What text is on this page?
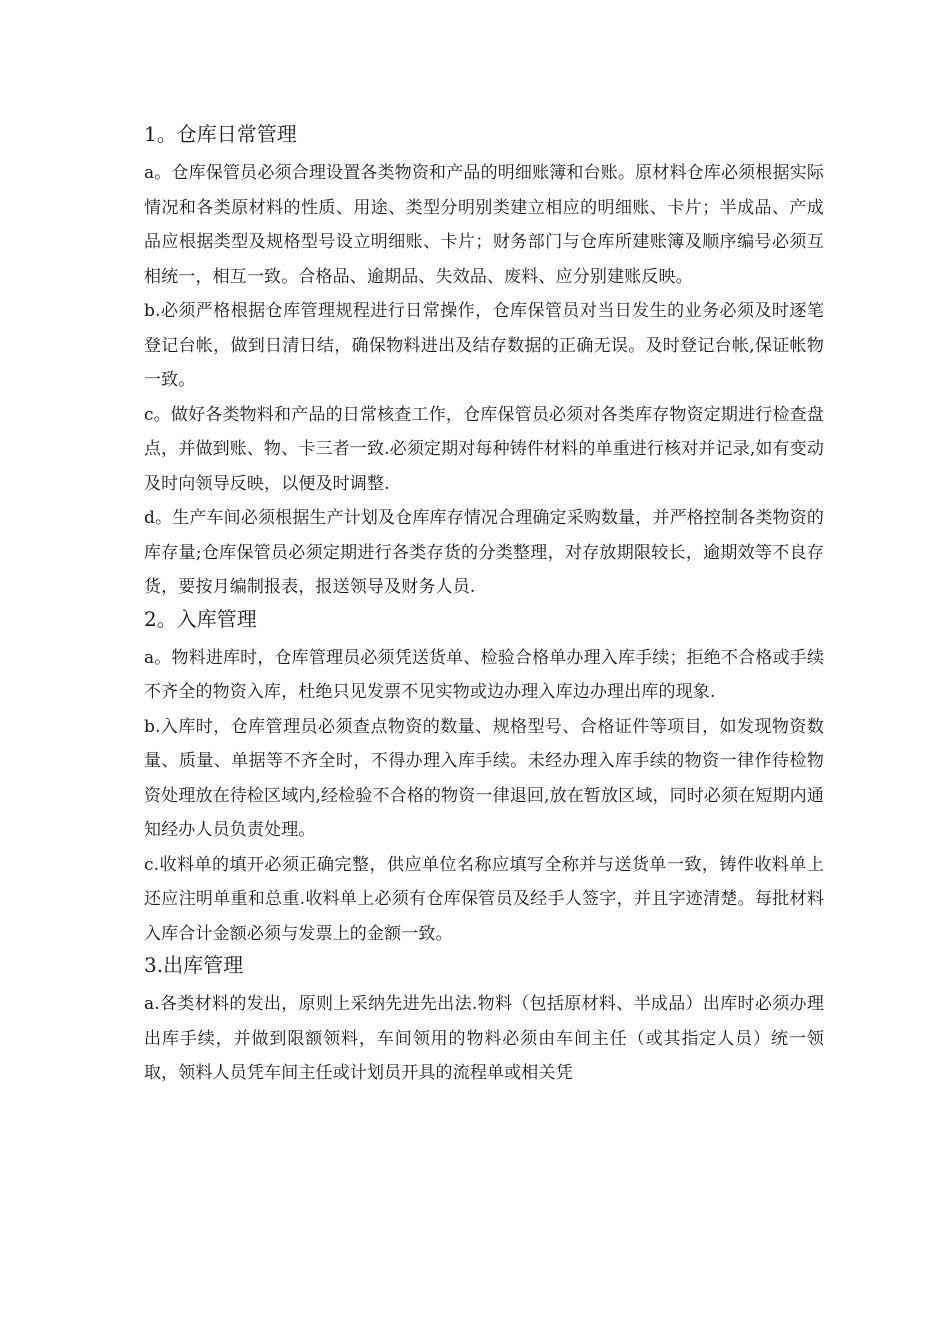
1。仓库日常管理

a。仓库保管员必须合理设置各类物资和产品的明细账簿和台账。原材料仓库必须根据实际情况和各类原材料的性质、用途、类型分明别类建立相应的明细账、卡片；半成品、产成品应根据类型及规格型号设立明细账、卡片；财务部门与仓库所建账簿及顺序编号必须互相统一，相互一致。合格品、逾期品、失效品、废料、应分别建账反映。

b.必须严格根据仓库管理规程进行日常操作，仓库保管员对当日发生的业务必须及时逐笔登记台帐，做到日清日结，确保物料进出及结存数据的正确无误。及时登记台帐,保证帐物一致。

c。做好各类物料和产品的日常核查工作，仓库保管员必须对各类库存物资定期进行检查盘点，并做到账、物、卡三者一致.必须定期对每种铸件材料的单重进行核对并记录,如有变动及时向领导反映，以便及时调整.

d。生产车间必须根据生产计划及仓库库存情况合理确定采购数量，并严格控制各类物资的库存量;仓库保管员必须定期进行各类存货的分类整理，对存放期限较长，逾期效等不良存货，要按月编制报表，报送领导及财务人员.

2。入库管理

a。物料进库时，仓库管理员必须凭送货单、检验合格单办理入库手续；拒绝不合格或手续不齐全的物资入库，杜绝只见发票不见实物或边办理入库边办理出库的现象.

b.入库时，仓库管理员必须查点物资的数量、规格型号、合格证件等项目，如发现物资数量、质量、单据等不齐全时，不得办理入库手续。未经办理入库手续的物资一律作待检物资处理放在待检区域内,经检验不合格的物资一律退回,放在暂放区域，同时必须在短期内通知经办人员负责处理。

c.收料单的填开必须正确完整，供应单位名称应填写全称并与送货单一致，铸件收料单上还应注明单重和总重.收料单上必须有仓库保管员及经手人签字，并且字迹清楚。每批材料入库合计金额必须与发票上的金额一致。

3.出库管理

a.各类材料的发出，原则上采纳先进先出法.物料（包括原材料、半成品）出库时必须办理出库手续，并做到限额领料，车间领用的物料必须由车间主任（或其指定人员）统一领取，领料人员凭车间主任或计划员开具的流程单或相关凭
